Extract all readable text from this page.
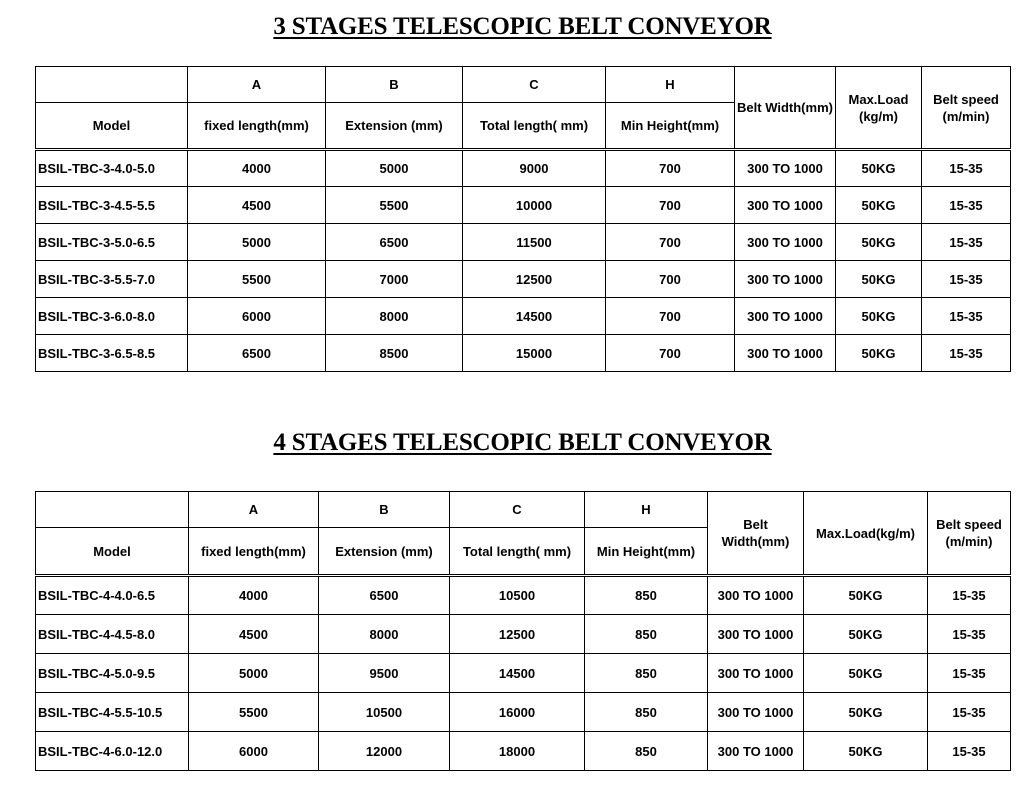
3 STAGES TELESCOPIC BELT CONVEYOR
	A	B	C	H	Belt Width(mm)	Max.Load (kg/m)	Belt speed (m/min)
Model	fixed length(mm)	Extension (mm)	Total length( mm)	Min Height(mm)			
BSIL-TBC-3-4.0-5.0	4000	5000	9000	700	300 TO 1000	50KG	15-35
BSIL-TBC-3-4.5-5.5	4500	5500	10000	700	300 TO 1000	50KG	15-35
BSIL-TBC-3-5.0-6.5	5000	6500	11500	700	300 TO 1000	50KG	15-35
BSIL-TBC-3-5.5-7.0	5500	7000	12500	700	300 TO 1000	50KG	15-35
BSIL-TBC-3-6.0-8.0	6000	8000	14500	700	300 TO 1000	50KG	15-35
BSIL-TBC-3-6.5-8.5	6500	8500	15000	700	300 TO 1000	50KG	15-35
4 STAGES TELESCOPIC BELT CONVEYOR
	A	B	C	H	Belt Width(mm)	Max.Load(kg/m)	Belt speed (m/min)
Model	fixed length(mm)	Extension (mm)	Total length( mm)	Min Height(mm)			
BSIL-TBC-4-4.0-6.5	4000	6500	10500	850	300 TO 1000	50KG	15-35
BSIL-TBC-4-4.5-8.0	4500	8000	12500	850	300 TO 1000	50KG	15-35
BSIL-TBC-4-5.0-9.5	5000	9500	14500	850	300 TO 1000	50KG	15-35
BSIL-TBC-4-5.5-10.5	5500	10500	16000	850	300 TO 1000	50KG	15-35
BSIL-TBC-4-6.0-12.0	6000	12000	18000	850	300 TO 1000	50KG	15-35
